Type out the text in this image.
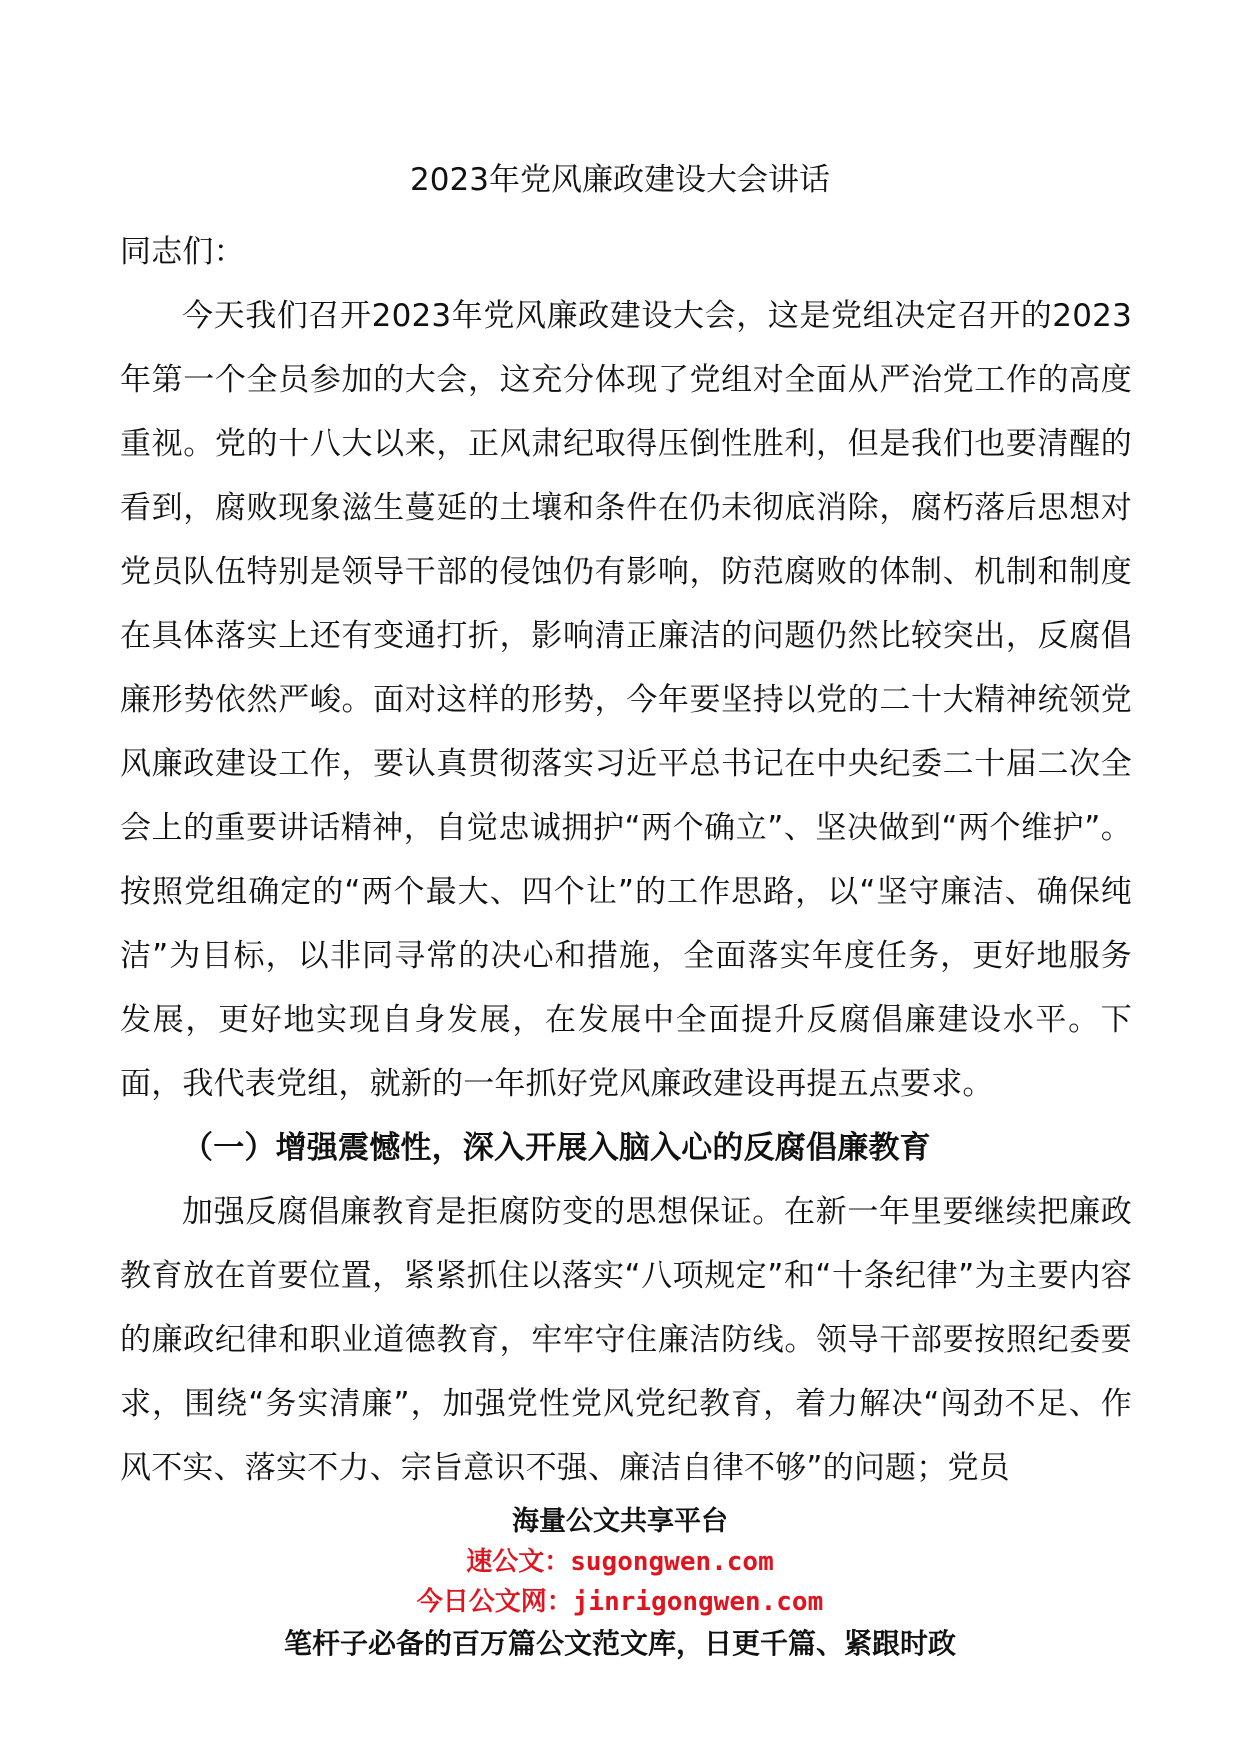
2023年党风廉政建设大会讲话

同志们：

今天我们召开2023年党风廉政建设大会，这是党组决定召开的2023年第一个全员参加的大会，这充分体现了党组对全面从严治党工作的高度重视。党的十八大以来，正风肃纪取得压倒性胜利，但是我们也要清醒的看到，腐败现象滋生蔓延的土壤和条件在仍未彻底消除，腐朽落后思想对党员队伍特别是领导干部的侵蚀仍有影响，防范腐败的体制、机制和制度在具体落实上还有变通打折，影响清正廉洁的问题仍然比较突出，反腐倡廉形势依然严峻。面对这样的形势，今年要坚持以党的二十大精神统领党风廉政建设工作，要认真贯彻落实习近平总书记在中央纪委二十届二次全会上的重要讲话精神，自觉忠诚拥护“两个确立”、坚决做到“两个维护”。按照党组确定的“两个最大、四个让”的工作思路，以“坚守廉洁、确保纯洁”为目标，以非同寻常的决心和措施，全面落实年度任务，更好地服务发展，更好地实现自身发展，在发展中全面提升反腐倡廉建设水平。下面，我代表党组，就新的一年抓好党风廉政建设再提五点要求。

（一）增强震憾性，深入开展入脑入心的反腐倡廉教育

加强反腐倡廉教育是拒腐防变的思想保证。在新一年里要继续把廉政教育放在首要位置，紧紧抓住以落实“八项规定”和“十条纪律”为主要内容的廉政纪律和职业道德教育，牢牢守住廉洁防线。领导干部要按照纪委要求，围绕“务实清廉”，加强党性党风党纪教育，着力解决“闯劲不足、作风不实、落实不力、宗旨意识不强、廉洁自律不够”的问题；党员

海量公文共享平台

速公文：sugongwen.com

今日公文网：jinrigongwen.com

笔杆子必备的百万篇公文范文库，日更千篇、紧跟时政
